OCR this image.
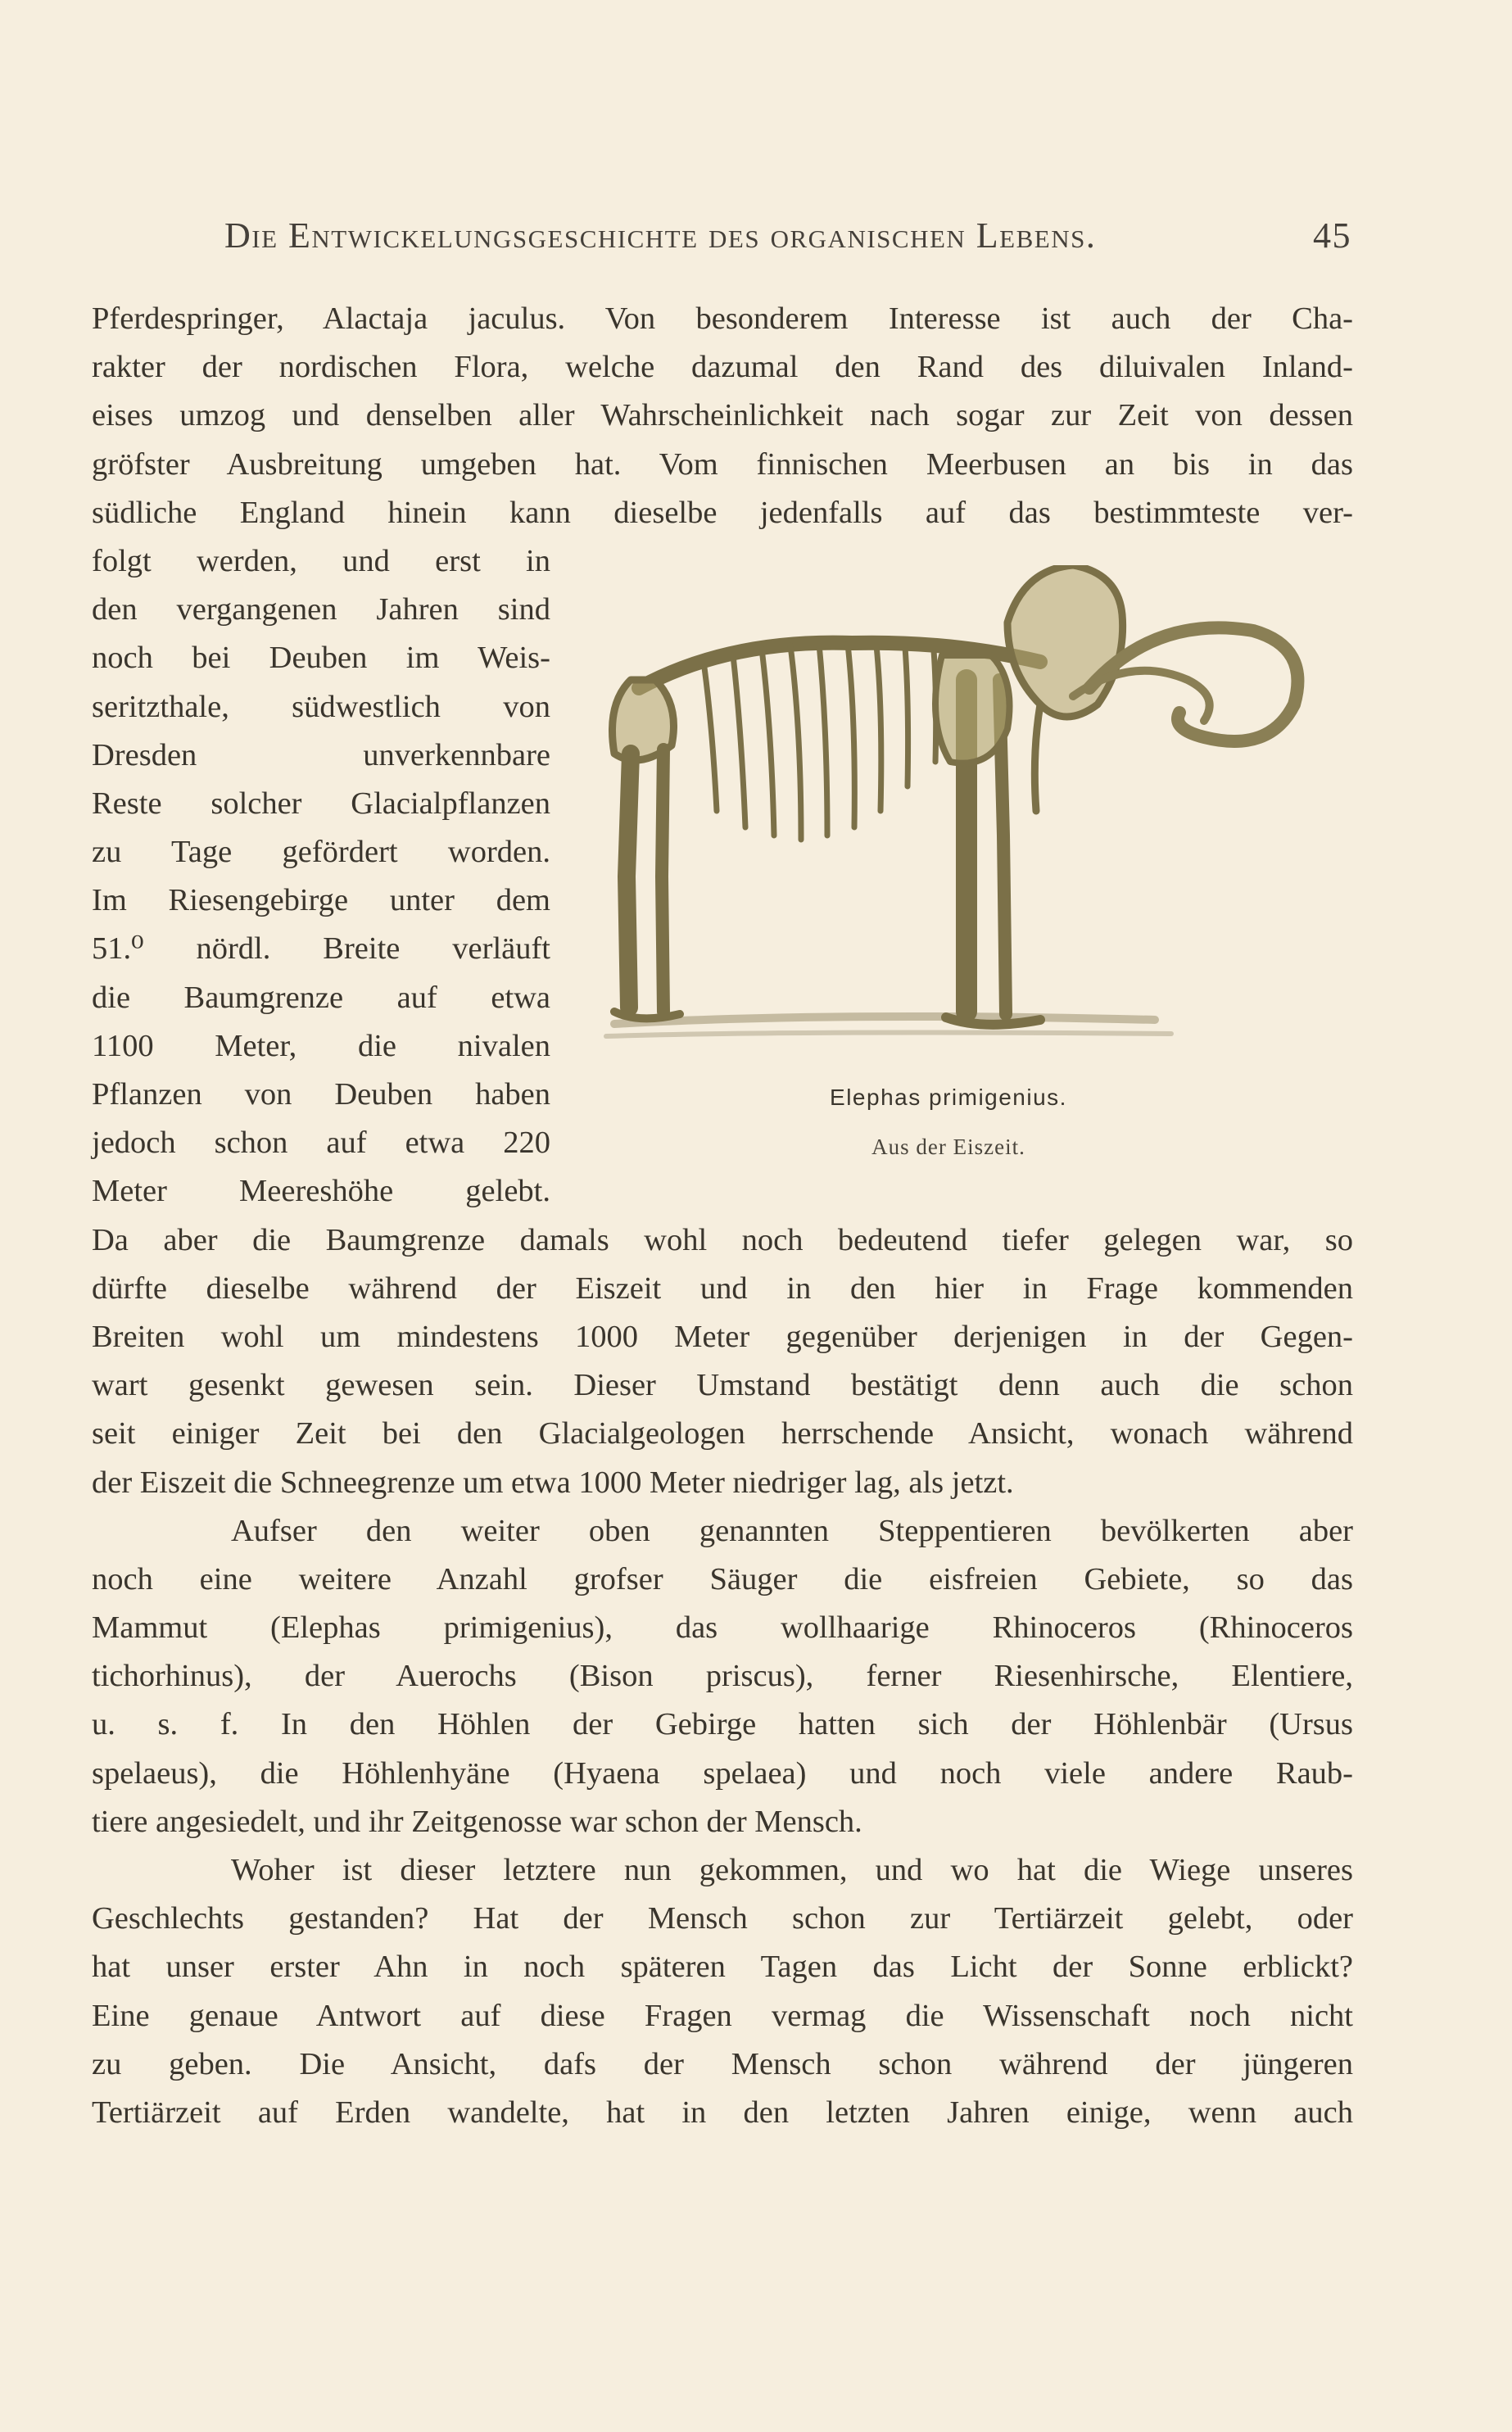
Die Entwickelungsgeschichte des organischen Lebens.	45
Elephas primigenius.
Aus der Eiszeit.
Pferdespringer, Alactaja jaculus. Von besonderem Interesse ist auch der Cha-
rakter der nordischen Flora, welche dazumal den Rand des diluivalen Inland-
eises umzog und denselben aller Wahrscheinlichkeit nach sogar zur Zeit von dessen
gröfster Ausbreitung umgeben hat. Vom finnischen Meerbusen an bis in das
südliche England hinein kann dieselbe jedenfalls auf das bestimmteste ver-
folgt werden, und erst in
den vergangenen Jahren sind
noch bei Deuben im Weis-
seritzthale, südwestlich von
Dresden unverkennbare
Reste solcher Glacialpflanzen
zu Tage gefördert worden.
Im Riesengebirge unter dem
51.⁰ nördl. Breite verläuft
die Baumgrenze auf etwa
1100 Meter, die nivalen
Pflanzen von Deuben haben
jedoch schon auf etwa 220
Meter Meereshöhe gelebt.
Da aber die Baumgrenze damals wohl noch bedeutend tiefer gelegen war, so
dürfte dieselbe während der Eiszeit und in den hier in Frage kommenden
Breiten wohl um mindestens 1000 Meter gegenüber derjenigen in der Gegen-
wart gesenkt gewesen sein. Dieser Umstand bestätigt denn auch die schon
seit einiger Zeit bei den Glacialgeologen herrschende Ansicht, wonach während
der Eiszeit die Schneegrenze um etwa 1000 Meter niedriger lag, als jetzt.
Aufser den weiter oben genannten Steppentieren bevölkerten aber
noch eine weitere Anzahl grofser Säuger die eisfreien Gebiete, so das
Mammut (Elephas primigenius), das wollhaarige Rhinoceros (Rhinoceros
tichorhinus), der Auerochs (Bison priscus), ferner Riesenhirsche, Elentiere,
u. s. f. In den Höhlen der Gebirge hatten sich der Höhlenbär (Ursus
spelaeus), die Höhlenhyäne (Hyaena spelaea) und noch viele andere Raub-
tiere angesiedelt, und ihr Zeitgenosse war schon der Mensch.
Woher ist dieser letztere nun gekommen, und wo hat die Wiege unseres
Geschlechts gestanden? Hat der Mensch schon zur Tertiärzeit gelebt, oder
hat unser erster Ahn in noch späteren Tagen das Licht der Sonne erblickt?
Eine genaue Antwort auf diese Fragen vermag die Wissenschaft noch nicht
zu geben. Die Ansicht, dafs der Mensch schon während der jüngeren
Tertiärzeit auf Erden wandelte, hat in den letzten Jahren einige, wenn auch
